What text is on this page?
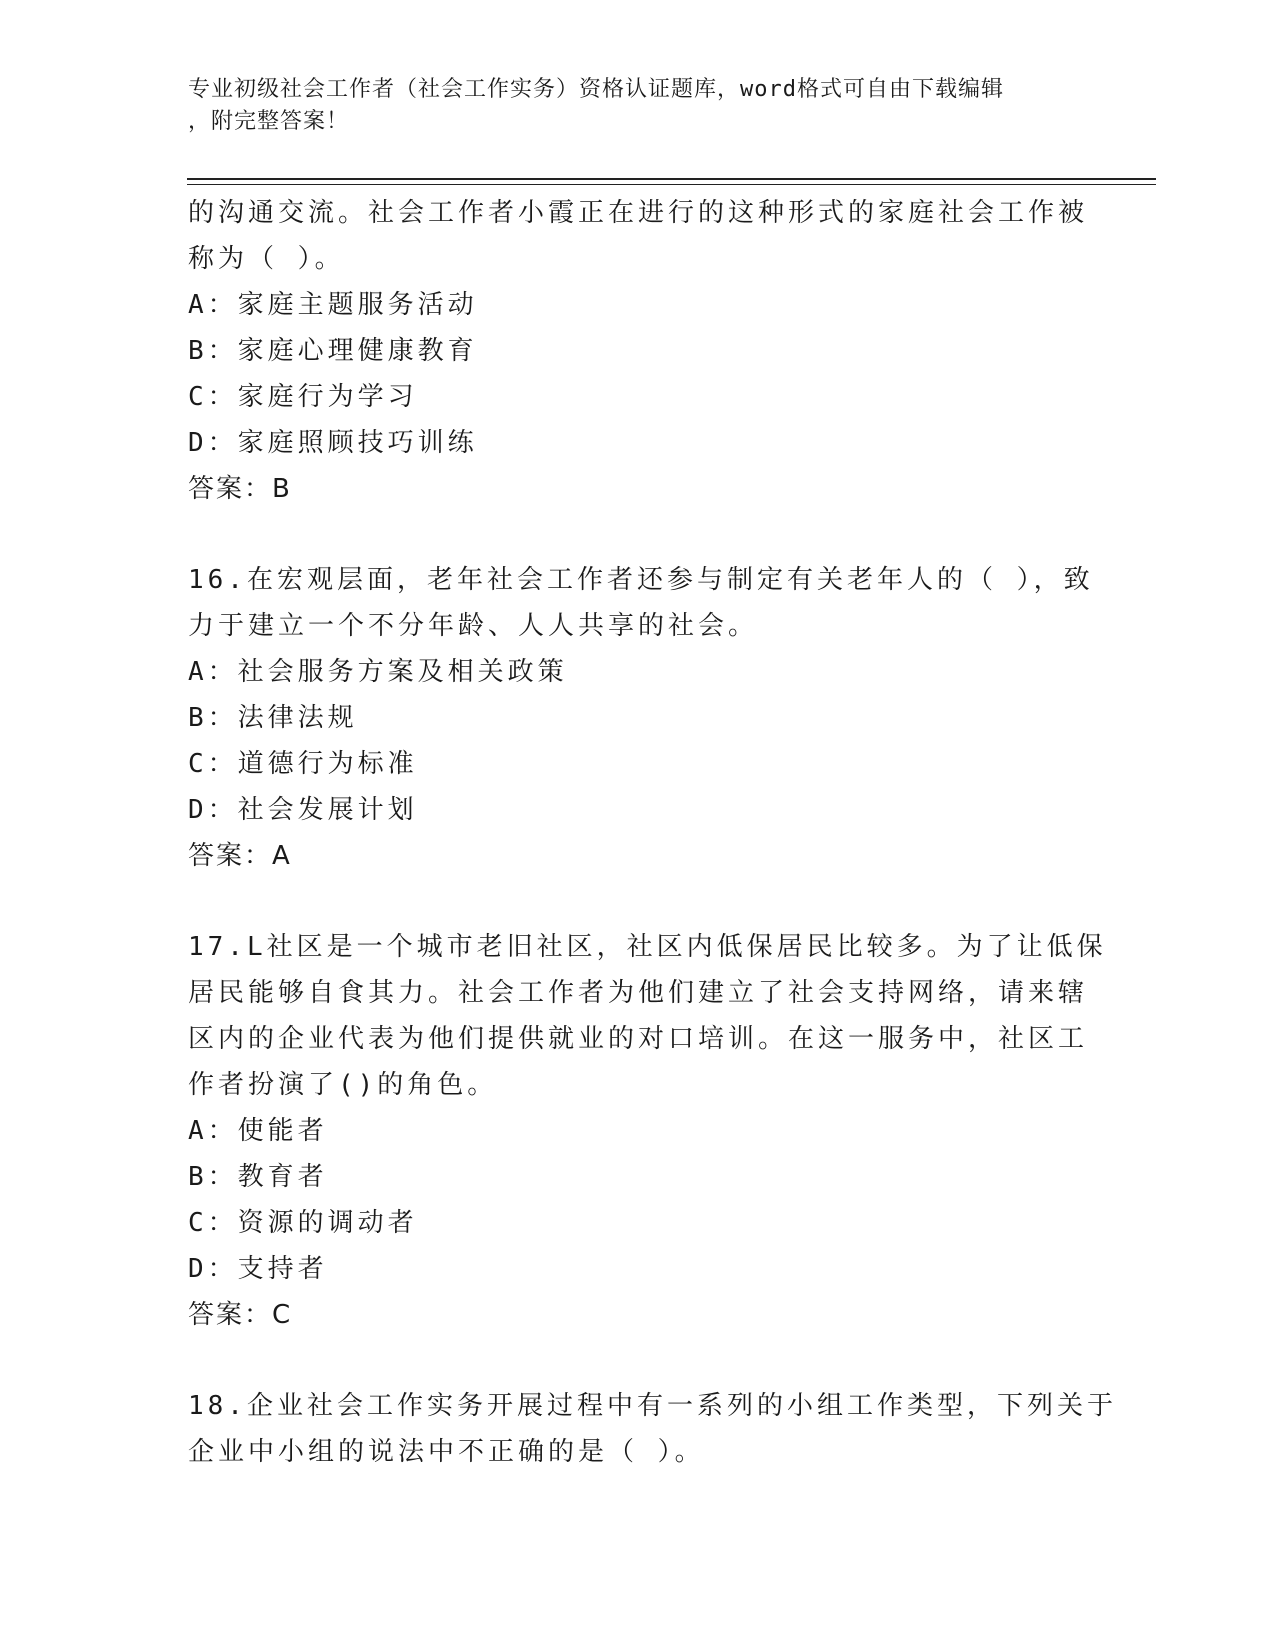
专业初级社会工作者（社会工作实务）资格认证题库，word格式可自由下载编辑
，附完整答案！
的沟通交流。社会工作者小霞正在进行的这种形式的家庭社会工作被
称为（ ）。
A：家庭主题服务活动
B：家庭心理健康教育
C：家庭行为学习
D：家庭照顾技巧训练
答案：B
16.在宏观层面，老年社会工作者还参与制定有关老年人的（ ），致
力于建立一个不分年龄、人人共享的社会。
A：社会服务方案及相关政策
B：法律法规
C：道德行为标准
D：社会发展计划
答案：A
17.L社区是一个城市老旧社区，社区内低保居民比较多。为了让低保
居民能够自食其力。社会工作者为他们建立了社会支持网络，请来辖
区内的企业代表为他们提供就业的对口培训。在这一服务中，社区工
作者扮演了()的角色。
A：使能者
B：教育者
C：资源的调动者
D：支持者
答案：C
18.企业社会工作实务开展过程中有一系列的小组工作类型，下列关于
企业中小组的说法中不正确的是（ ）。
